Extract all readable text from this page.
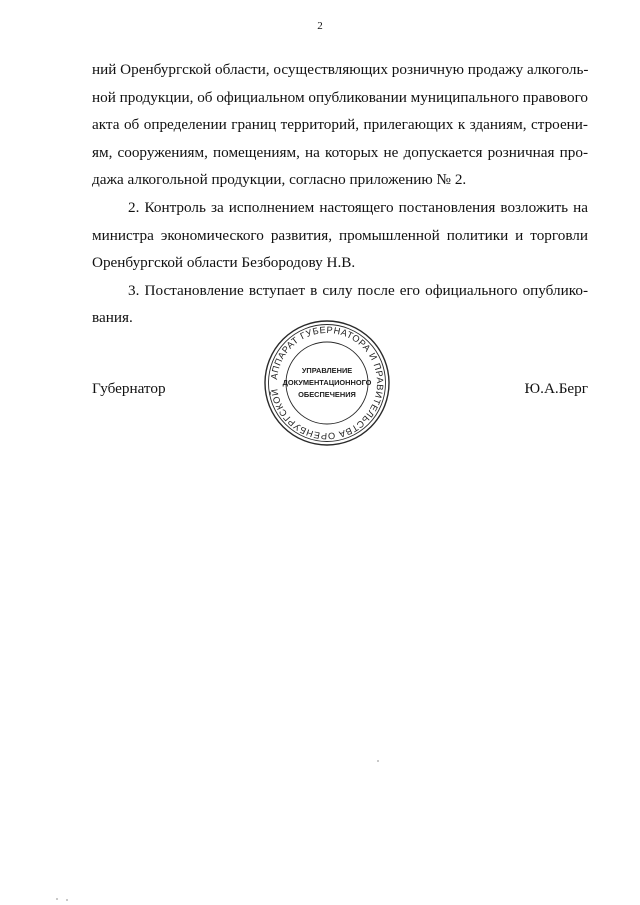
2

ний Оренбургской области, осуществляющих розничную продажу алкоголь-
ной продукции, об официальном опубликовании муниципального правового
акта об определении границ территорий, прилегающих к зданиям, строени-
ям, сооружениям, помещениям, на которых не допускается розничная про-
дажа алкогольной продукции, согласно приложению № 2.

2. Контроль за исполнением настоящего постановления возложить на
министра экономического развития, промышленной политики и торговли
Оренбургской области Безбородову Н.В.

3. Постановление вступает в силу после его официального опублико-
вания.

Губернатор	Ю.А.Берг
АППАРАТ ГУБЕРНАТОРА И ПРАВИТЕЛЬСТВА ОРЕНБУРГСКОЙ
УПРАВЛЕНИЕ
ДОКУМЕНТАЦИОННОГО
ОБЕСПЕЧЕНИЯ
